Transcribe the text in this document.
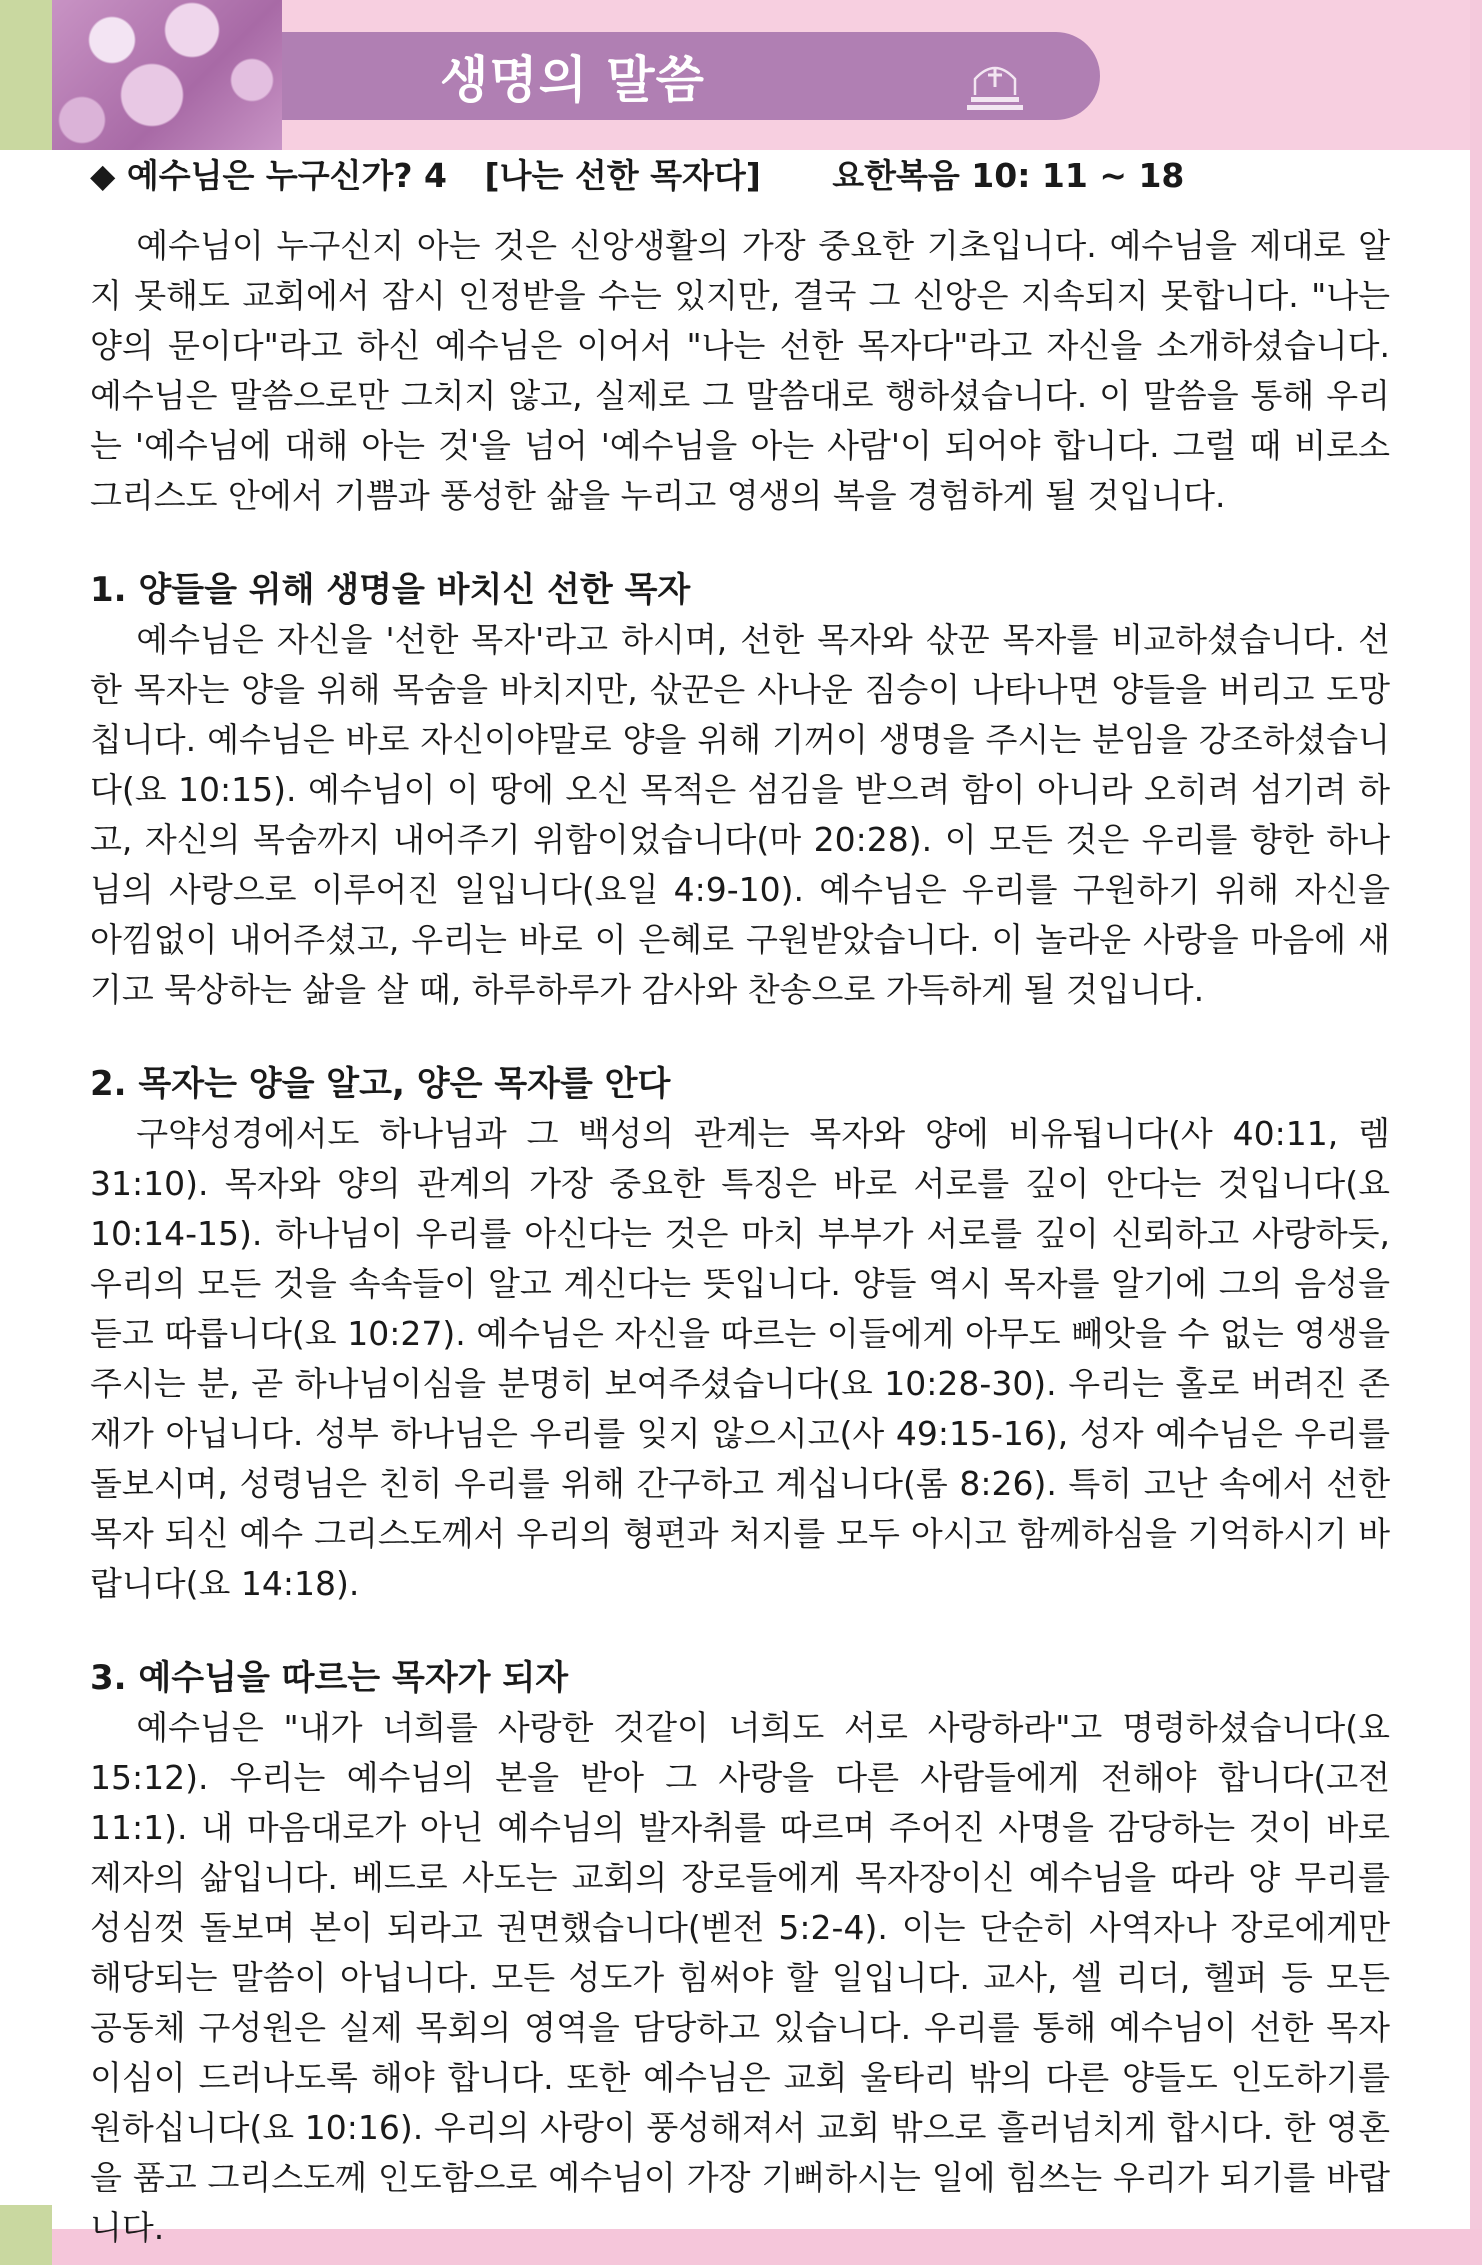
생명의 말씀
◆ 예수님은 누구신가? 4 [나는 선한 목자다] 요한복음 10: 11 ~ 18

예수님이 누구신지 아는 것은 신앙생활의 가장 중요한 기초입니다. 예수님을 제대로 알지 못해도 교회에서 잠시 인정받을 수는 있지만, 결국 그 신앙은 지속되지 못합니다. "나는 양의 문이다"라고 하신 예수님은 이어서 "나는 선한 목자다"라고 자신을 소개하셨습니다. 예수님은 말씀으로만 그치지 않고, 실제로 그 말씀대로 행하셨습니다. 이 말씀을 통해 우리는 '예수님에 대해 아는 것'을 넘어 '예수님을 아는 사람'이 되어야 합니다. 그럴 때 비로소 그리스도 안에서 기쁨과 풍성한 삶을 누리고 영생의 복을 경험하게 될 것입니다.

1. 양들을 위해 생명을 바치신 선한 목자

예수님은 자신을 '선한 목자'라고 하시며, 선한 목자와 삯꾼 목자를 비교하셨습니다. 선한 목자는 양을 위해 목숨을 바치지만, 삯꾼은 사나운 짐승이 나타나면 양들을 버리고 도망칩니다. 예수님은 바로 자신이야말로 양을 위해 기꺼이 생명을 주시는 분임을 강조하셨습니다(요 10:15). 예수님이 이 땅에 오신 목적은 섬김을 받으려 함이 아니라 오히려 섬기려 하고, 자신의 목숨까지 내어주기 위함이었습니다(마 20:28). 이 모든 것은 우리를 향한 하나님의 사랑으로 이루어진 일입니다(요일 4:9-10). 예수님은 우리를 구원하기 위해 자신을 아낌없이 내어주셨고, 우리는 바로 이 은혜로 구원받았습니다. 이 놀라운 사랑을 마음에 새기고 묵상하는 삶을 살 때, 하루하루가 감사와 찬송으로 가득하게 될 것입니다.

2. 목자는 양을 알고, 양은 목자를 안다

구약성경에서도 하나님과 그 백성의 관계는 목자와 양에 비유됩니다(사 40:11, 렘 31:10). 목자와 양의 관계의 가장 중요한 특징은 바로 서로를 깊이 안다는 것입니다(요 10:14-15). 하나님이 우리를 아신다는 것은 마치 부부가 서로를 깊이 신뢰하고 사랑하듯, 우리의 모든 것을 속속들이 알고 계신다는 뜻입니다. 양들 역시 목자를 알기에 그의 음성을 듣고 따릅니다(요 10:27). 예수님은 자신을 따르는 이들에게 아무도 빼앗을 수 없는 영생을 주시는 분, 곧 하나님이심을 분명히 보여주셨습니다(요 10:28-30). 우리는 홀로 버려진 존재가 아닙니다. 성부 하나님은 우리를 잊지 않으시고(사 49:15-16), 성자 예수님은 우리를 돌보시며, 성령님은 친히 우리를 위해 간구하고 계십니다(롬 8:26). 특히 고난 속에서 선한 목자 되신 예수 그리스도께서 우리의 형편과 처지를 모두 아시고 함께하심을 기억하시기 바랍니다(요 14:18).

3. 예수님을 따르는 목자가 되자

예수님은 "내가 너희를 사랑한 것같이 너희도 서로 사랑하라"고 명령하셨습니다(요 15:12). 우리는 예수님의 본을 받아 그 사랑을 다른 사람들에게 전해야 합니다(고전 11:1). 내 마음대로가 아닌 예수님의 발자취를 따르며 주어진 사명을 감당하는 것이 바로 제자의 삶입니다. 베드로 사도는 교회의 장로들에게 목자장이신 예수님을 따라 양 무리를 성심껏 돌보며 본이 되라고 권면했습니다(벧전 5:2-4). 이는 단순히 사역자나 장로에게만 해당되는 말씀이 아닙니다. 모든 성도가 힘써야 할 일입니다. 교사, 셀 리더, 헬퍼 등 모든 공동체 구성원은 실제 목회의 영역을 담당하고 있습니다. 우리를 통해 예수님이 선한 목자이심이 드러나도록 해야 합니다. 또한 예수님은 교회 울타리 밖의 다른 양들도 인도하기를 원하십니다(요 10:16). 우리의 사랑이 풍성해져서 교회 밖으로 흘러넘치게 합시다. 한 영혼을 품고 그리스도께 인도함으로 예수님이 가장 기뻐하시는 일에 힘쓰는 우리가 되기를 바랍니다.
